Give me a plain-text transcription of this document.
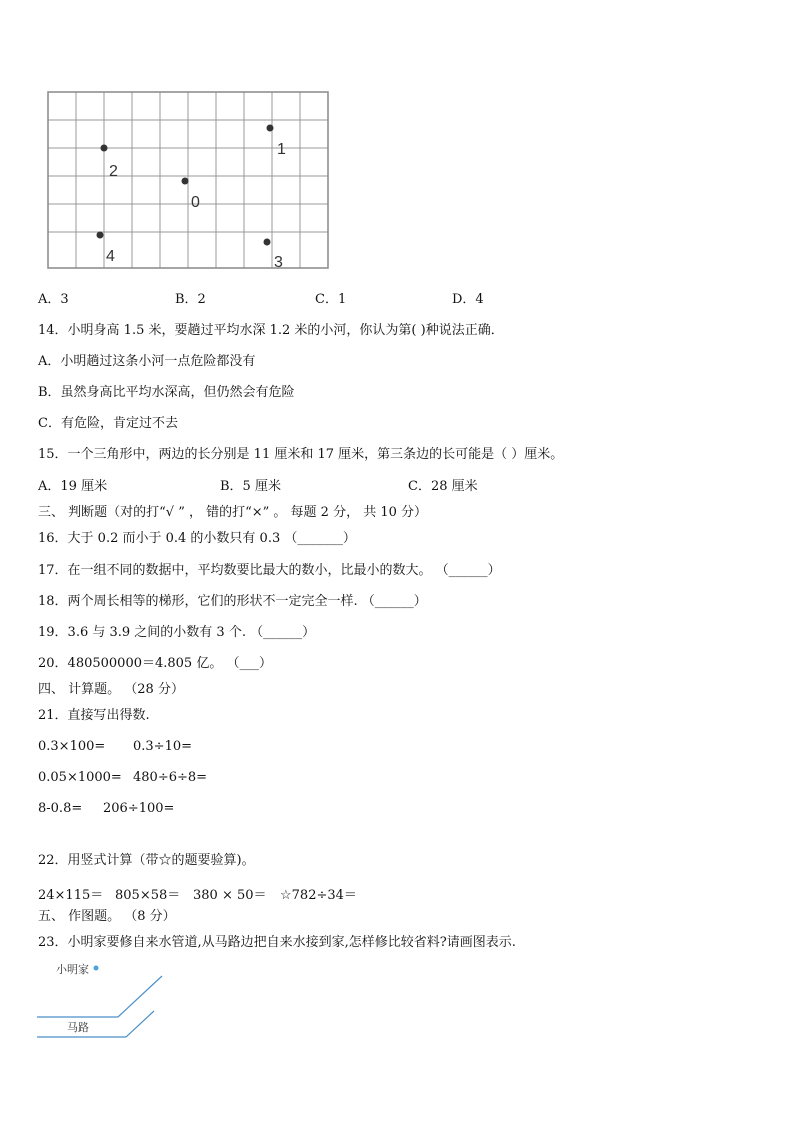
1
2
0
4	3
A．3	B．2	C．1	D．4
14．小明身高 1.5 米，要趟过平均水深 1.2 米的小河，你认为第( )种说法正确．
A．小明趟过这条小河一点危险都没有
B．虽然身高比平均水深高，但仍然会有危险
C．有危险，肯定过不去
15．一个三角形中，两边的长分别是 11 厘米和 17 厘米，第三条边的长可能是（ ）厘米。
A．19 厘米	B．5 厘米	C．28 厘米
三、 判断题（对的打“√ ” ， 错的打“×” 。 每题 2 分， 共 10 分）
16．大于 0.2 而小于 0.4 的小数只有 0.3 （_______）
17．在一组不同的数据中，平均数要比最大的数小，比最小的数大。 （______）
18．两个周长相等的梯形，它们的形状不一定完全一样. （______）
19．3.6 与 3.9 之间的小数有 3 个. （______）
20．480500000＝4.805 亿。 （___）
四、 计算题。 （28 分）
21．直接写出得数.
0.3×100= 0.3÷10=
0.05×1000= 480÷6÷8=
8-0.8= 206÷100=
22．用竖式计算（带☆的题要验算)。
24×115＝ 805×58＝ 380 × 50＝ ☆782÷34＝
五、 作图题。 （8 分）
23．小明家要修自来水管道,从马路边把自来水接到家,怎样修比较省料?请画图表示.
小明家
马路
